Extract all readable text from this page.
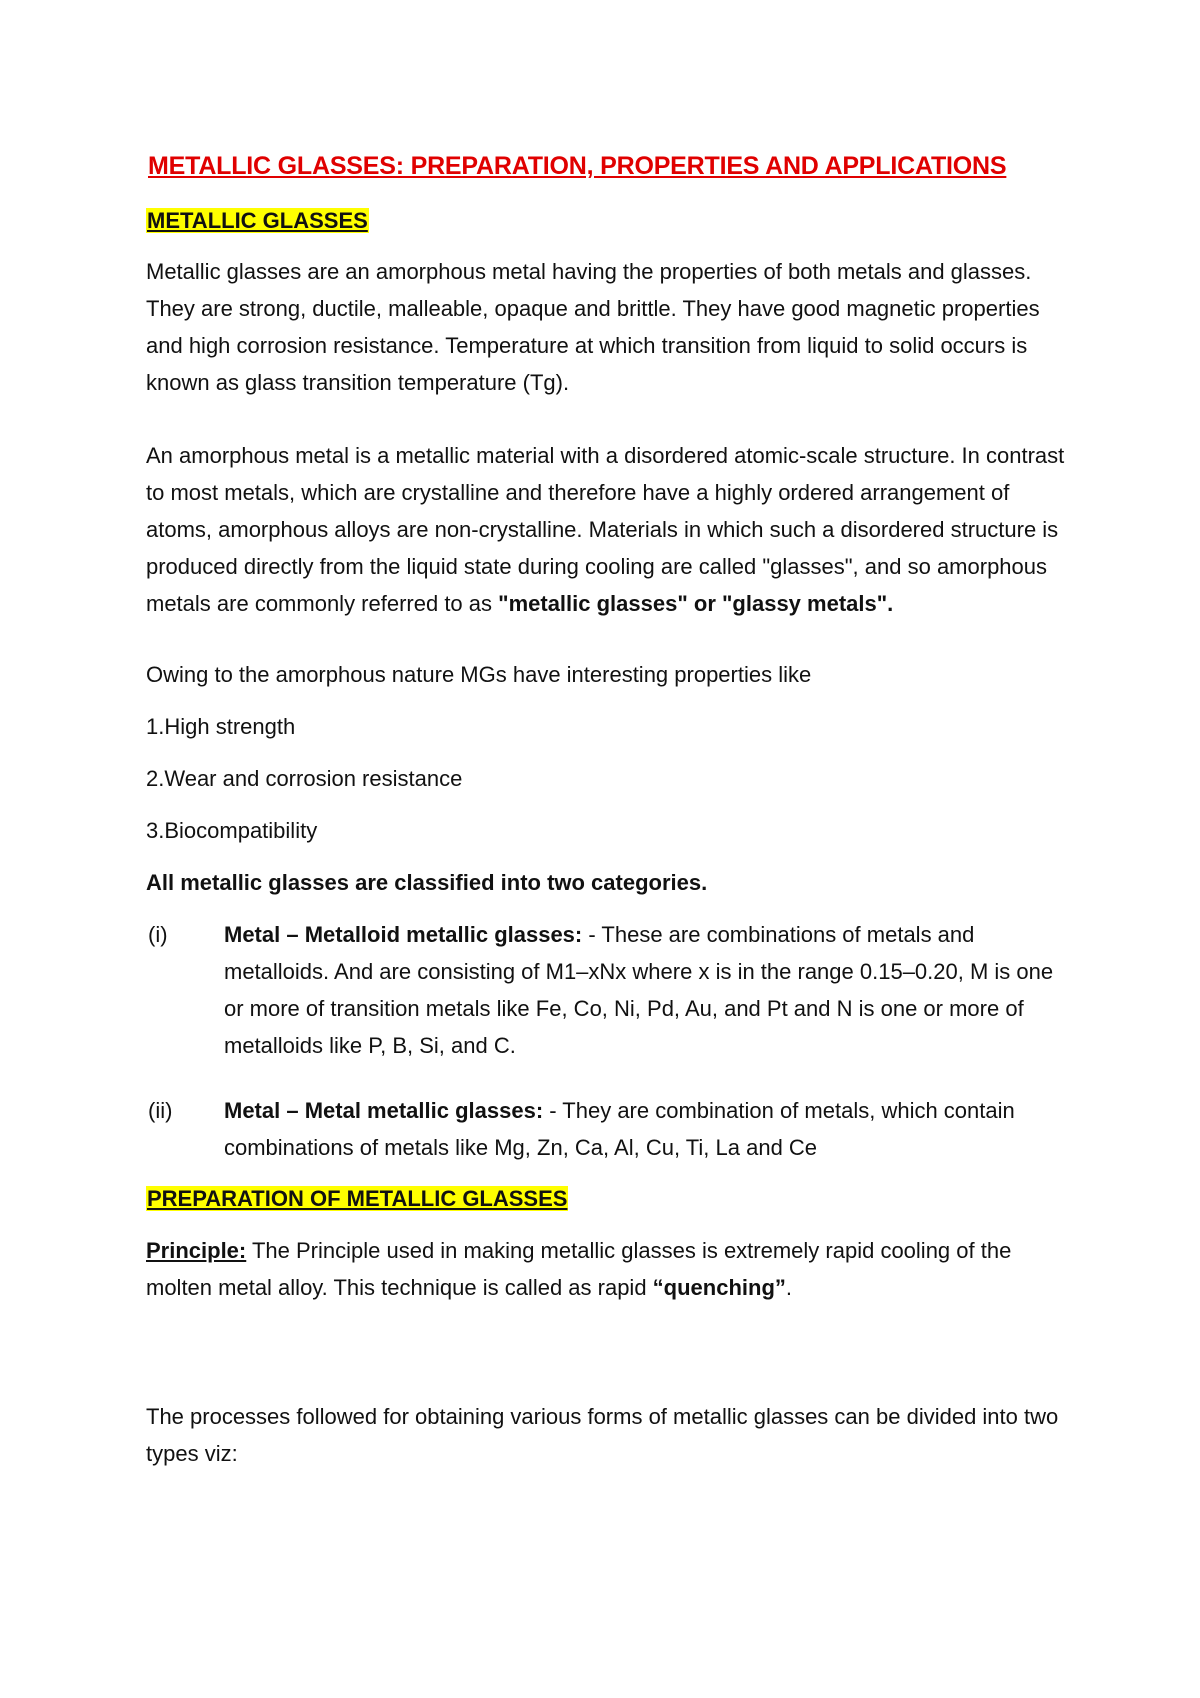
METALLIC GLASSES: PREPARATION, PROPERTIES AND APPLICATIONS
METALLIC GLASSES

Metallic glasses are an amorphous metal having the properties of both metals and glasses. They are strong, ductile, malleable, opaque and brittle. They have good magnetic properties and high corrosion resistance. Temperature at which transition from liquid to solid occurs is known as glass transition temperature (Tg).

An amorphous metal is a metallic material with a disordered atomic-scale structure. In contrast to most metals, which are crystalline and therefore have a highly ordered arrangement of atoms, amorphous alloys are non-crystalline. Materials in which such a disordered structure is produced directly from the liquid state during cooling are called "glasses", and so amorphous metals are commonly referred to as "metallic glasses" or "glassy metals".

Owing to the amorphous nature MGs have interesting properties like

1.High strength

2.Wear and corrosion resistance

3.Biocompatibility

All metallic glasses are classified into two categories.

(i)	Metal – Metalloid metallic glasses: - These are combinations of metals and metalloids. And are consisting of M1–xNx where x is in the range 0.15–0.20, M is one or more of transition metals like Fe, Co, Ni, Pd, Au, and Pt and N is one or more of metalloids like P, B, Si, and C.
(ii) Metal – Metal metallic glasses: - They are combination of metals, which contain combinations of metals like Mg, Zn, Ca, Al, Cu, Ti, La and Ce
PREPARATION OF METALLIC GLASSES

Principle: The Principle used in making metallic glasses is extremely rapid cooling of the molten metal alloy. This technique is called as rapid “quenching”.

The processes followed for obtaining various forms of metallic glasses can be divided into two types viz:
